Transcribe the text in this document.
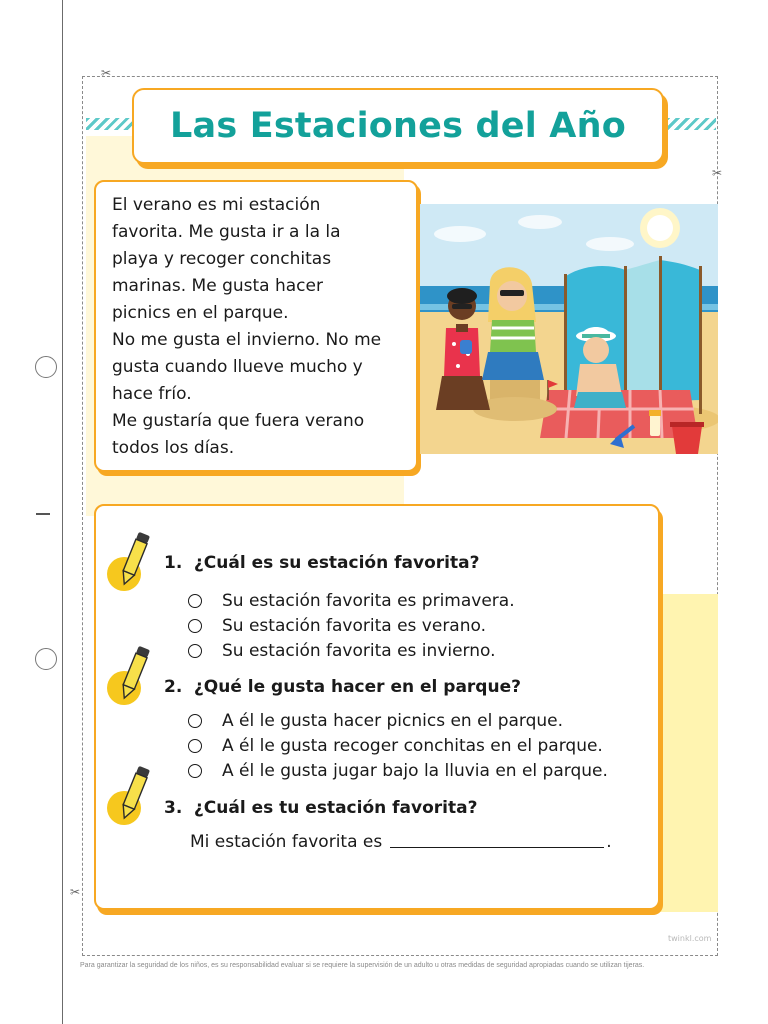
✂
✂
✂
Las Estaciones del Año
El verano es mi estación
favorita. Me gusta ir a la la
playa y recoger conchitas
marinas. Me gusta hacer
picnics en el parque.
No me gusta el invierno. No me
gusta cuando llueve mucho y
hace frío.
Me gustaría que fuera verano
todos los días.
1. ¿Cuál es su estación favorita?
Su estación favorita es primavera.
Su estación favorita es verano.
Su estación favorita es invierno.
2. ¿Qué le gusta hacer en el parque?
A él le gusta hacer picnics en el parque.
A él le gusta recoger conchitas en el parque.
A él le gusta jugar bajo la lluvia en el parque.
3. ¿Cuál es tu estación favorita?
Mi estación favorita es	.
twinkl.com
Para garantizar la seguridad de los niños, es su responsabilidad evaluar si se requiere la supervisión de un adulto u otras medidas de seguridad apropiadas cuando se utilizan tijeras.
